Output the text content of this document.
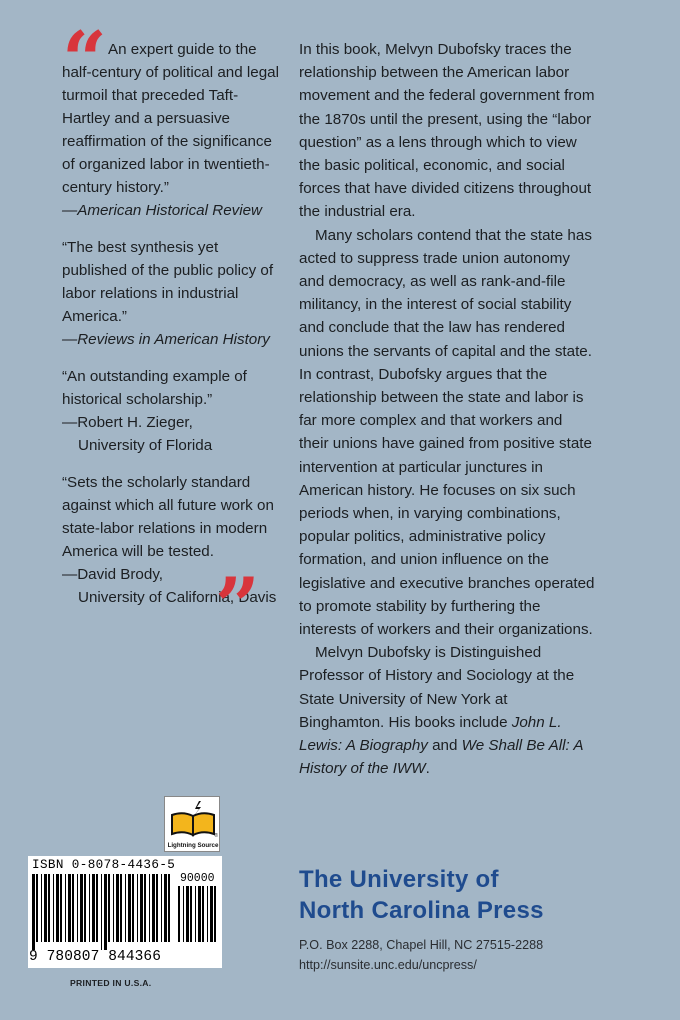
“ An expert guide to the half-century of political and legal turmoil that preceded Taft-Hartley and a persuasive reaffirmation of the significance of organized labor in twentieth-century history.”
—American Historical Review
“The best synthesis yet published of the public policy of labor relations in industrial America.”
—Reviews in American History
“An outstanding example of historical scholarship.”
—Robert H. Zieger,
University of Florida
“Sets the scholarly standard against which all future work on state-labor relations in modern America will be tested.
—David Brody,
University of California, Davis
”

In this book, Melvyn Dubofsky traces the relationship between the American labor movement and the federal government from the 1870s until the present, using the “labor question” as a lens through which to view the basic political, economic, and social forces that have divided citizens throughout the industrial era.

Many scholars contend that the state has acted to suppress trade union autonomy and democracy, as well as rank-and-file militancy, in the interest of social stability and conclude that the law has rendered unions the servants of capital and the state. In contrast, Dubofsky argues that the relationship between the state and labor is far more complex and that workers and their unions have gained from positive state intervention at particular junctures in American history. He focuses on six such periods when, in varying combinations, popular politics, administrative policy formation, and union influence on the legislative and executive branches operated to promote stability by furthering the interests of workers and their organizations.

Melvyn Dubofsky is Distinguished Professor of History and Sociology at the State University of New York at Binghamton. His books include John L. Lewis: A Biography and We Shall Be All: A History of the IWW.

The University of
North Carolina Press
P.O. Box 2288, Chapel Hill, NC 27515-2288
http://sunsite.unc.edu/uncpress/
®
Lightning Source
ISBN 0-8078-4436-5
90000
9 780807 844366
PRINTED IN U.S.A.
